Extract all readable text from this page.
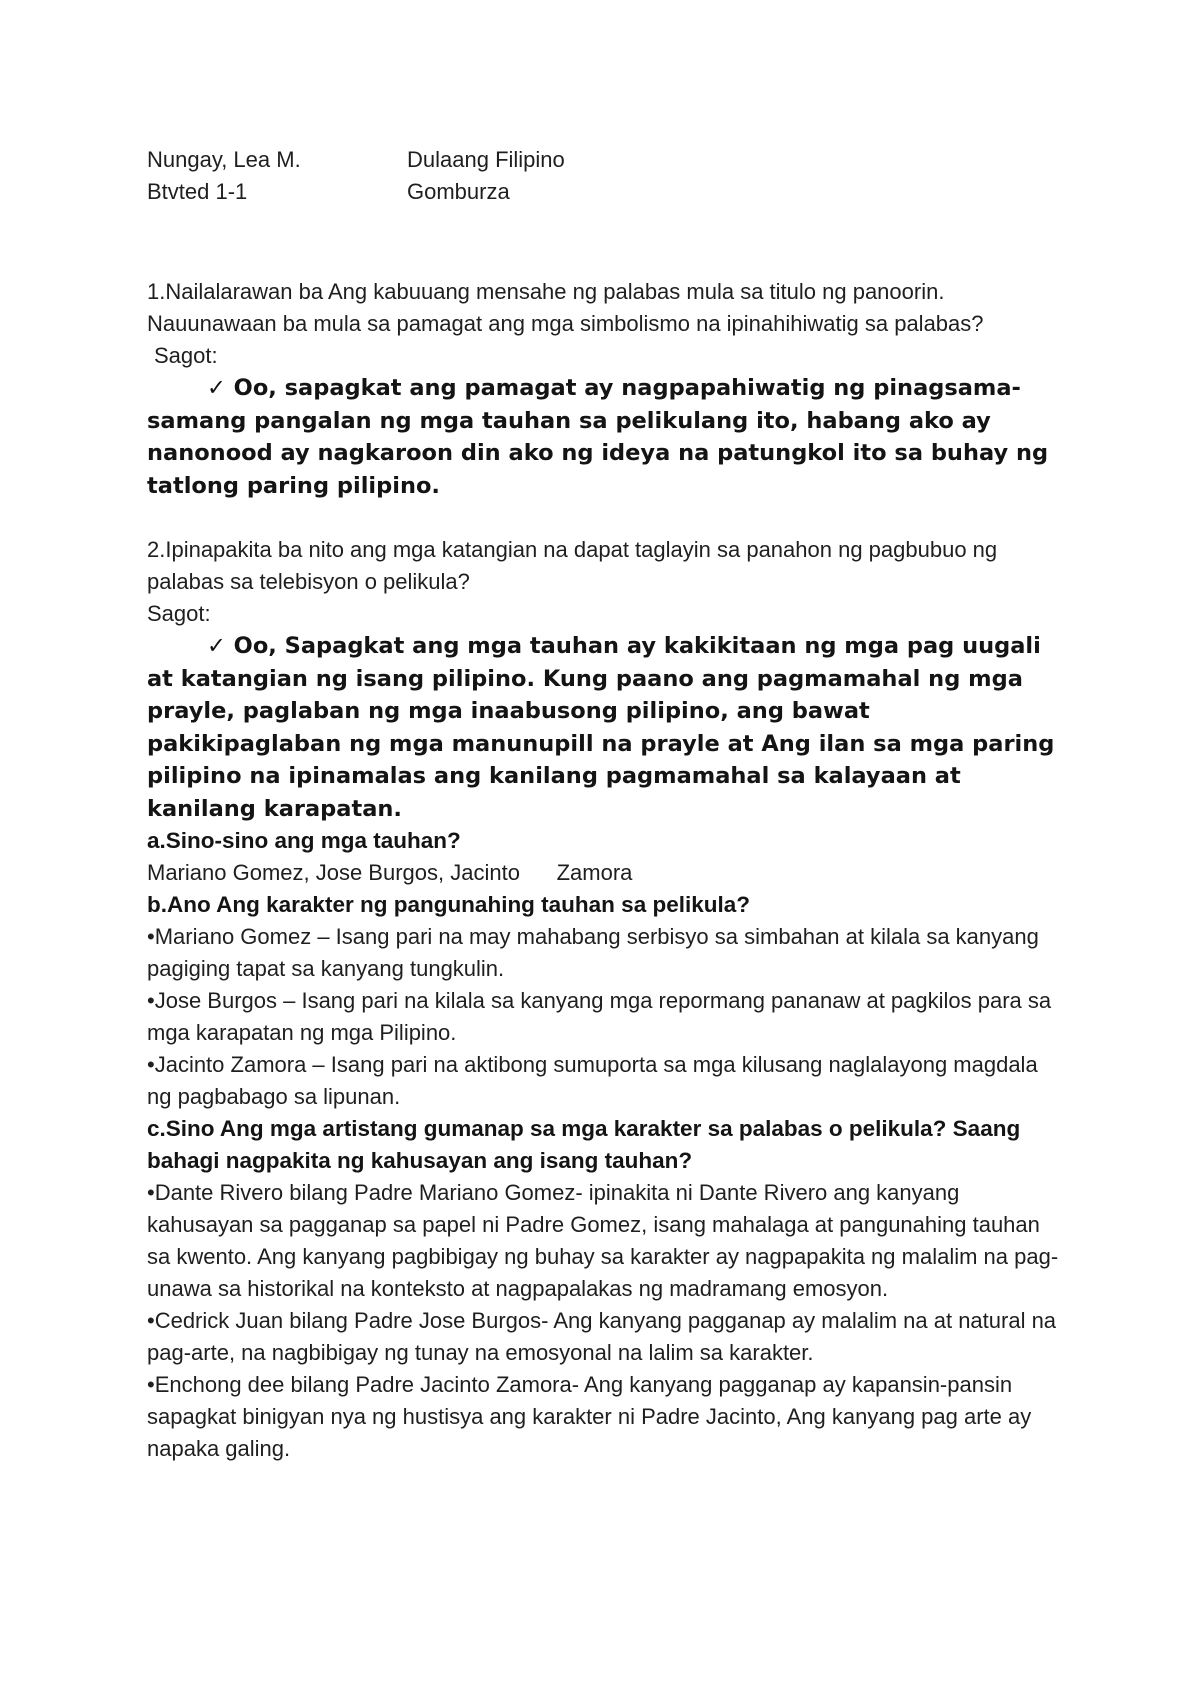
Nungay, Lea M.
Btvted 1-1
Dulaang Filipino
Gomburza

1.Nailalarawan ba Ang kabuuang mensahe ng palabas mula sa titulo ng panoorin. Nauunawaan ba mula sa pamagat ang mga simbolismo na ipinahihiwatig sa palabas?

Sagot:

✓ Oo, sapagkat ang pamagat ay nagpapahiwatig ng pinagsama-samang pangalan ng mga tauhan sa pelikulang ito, habang ako ay nanonood ay nagkaroon din ako ng ideya na patungkol ito sa buhay ng tatlong paring pilipino.

2.Ipinapakita ba nito ang mga katangian na dapat taglayin sa panahon ng pagbubuo ng palabas sa telebisyon o pelikula?

Sagot:

✓ Oo, Sapagkat ang mga tauhan ay kakikitaan ng mga pag uugali at katangian ng isang pilipino. Kung paano ang pagmamahal ng mga prayle, paglaban ng mga inaabusong pilipino, ang bawat pakikipaglaban ng mga manunupill na prayle at Ang ilan sa mga paring pilipino na ipinamalas ang kanilang pagmamahal sa kalayaan at kanilang karapatan.

a.Sino-sino ang mga tauhan?

Mariano Gomez, Jose Burgos, Jacinto      Zamora

b.Ano Ang karakter ng pangunahing tauhan sa pelikula?

•Mariano Gomez – Isang pari na may mahabang serbisyo sa simbahan at kilala sa kanyang pagiging tapat sa kanyang tungkulin.

•Jose Burgos – Isang pari na kilala sa kanyang mga repormang pananaw at pagkilos para sa mga karapatan ng mga Pilipino.

•Jacinto Zamora – Isang pari na aktibong sumuporta sa mga kilusang naglalayong magdala ng pagbabago sa lipunan.

c.Sino Ang mga artistang gumanap sa mga karakter sa palabas o pelikula? Saang bahagi nagpakita ng kahusayan ang isang tauhan?

•Dante Rivero bilang Padre Mariano Gomez- ipinakita ni Dante Rivero ang kanyang kahusayan sa pagganap sa papel ni Padre Gomez, isang mahalaga at pangunahing tauhan sa kwento. Ang kanyang pagbibigay ng buhay sa karakter ay nagpapakita ng malalim na pag-unawa sa historikal na konteksto at nagpapalakas ng madramang emosyon.

•Cedrick Juan bilang Padre Jose Burgos- Ang kanyang pagganap ay malalim na at natural na pag-arte, na nagbibigay ng tunay na emosyonal na lalim sa karakter.

•Enchong dee bilang Padre Jacinto Zamora- Ang kanyang pagganap ay kapansin-pansin sapagkat binigyan nya ng hustisya ang karakter ni Padre Jacinto, Ang kanyang pag arte ay napaka galing.
